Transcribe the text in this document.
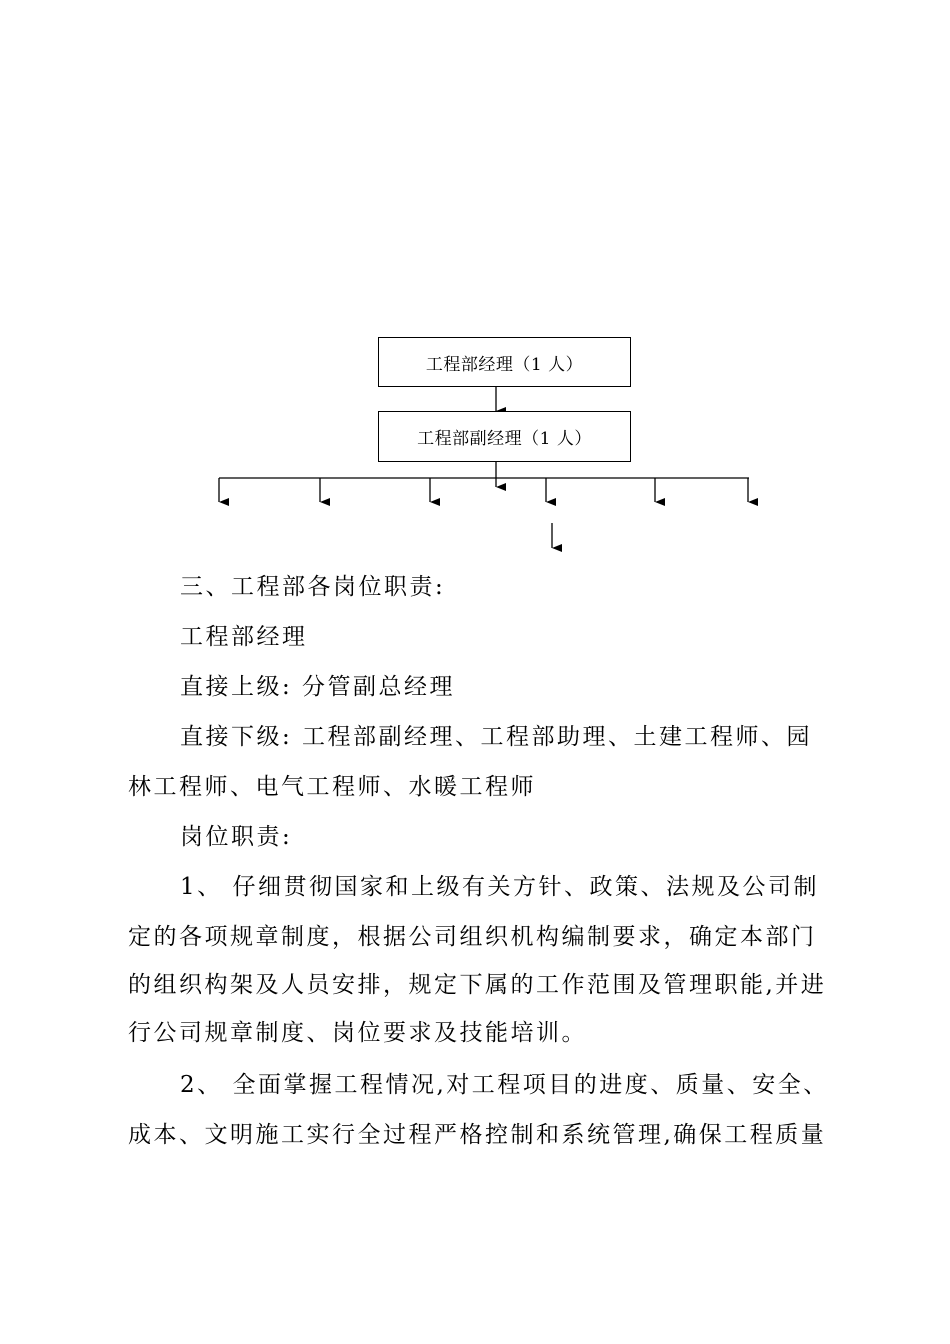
工程部经理（1 人）
工程部副经理（1 人）
三、工程部各岗位职责:
工程部经理
直接上级: 分管副总经理
直接下级: 工程部副经理、工程部助理、土建工程师、园
林工程师、电气工程师、水暖工程师
岗位职责:
1、 仔细贯彻国家和上级有关方针、政策、法规及公司制
定的各项规章制度，根据公司组织机构编制要求，确定本部门
的组织构架及人员安排，规定下属的工作范围及管理职能,并进
行公司规章制度、岗位要求及技能培训。
2、 全面掌握工程情况,对工程项目的进度、质量、安全、
成本、文明施工实行全过程严格控制和系统管理,确保工程质量
